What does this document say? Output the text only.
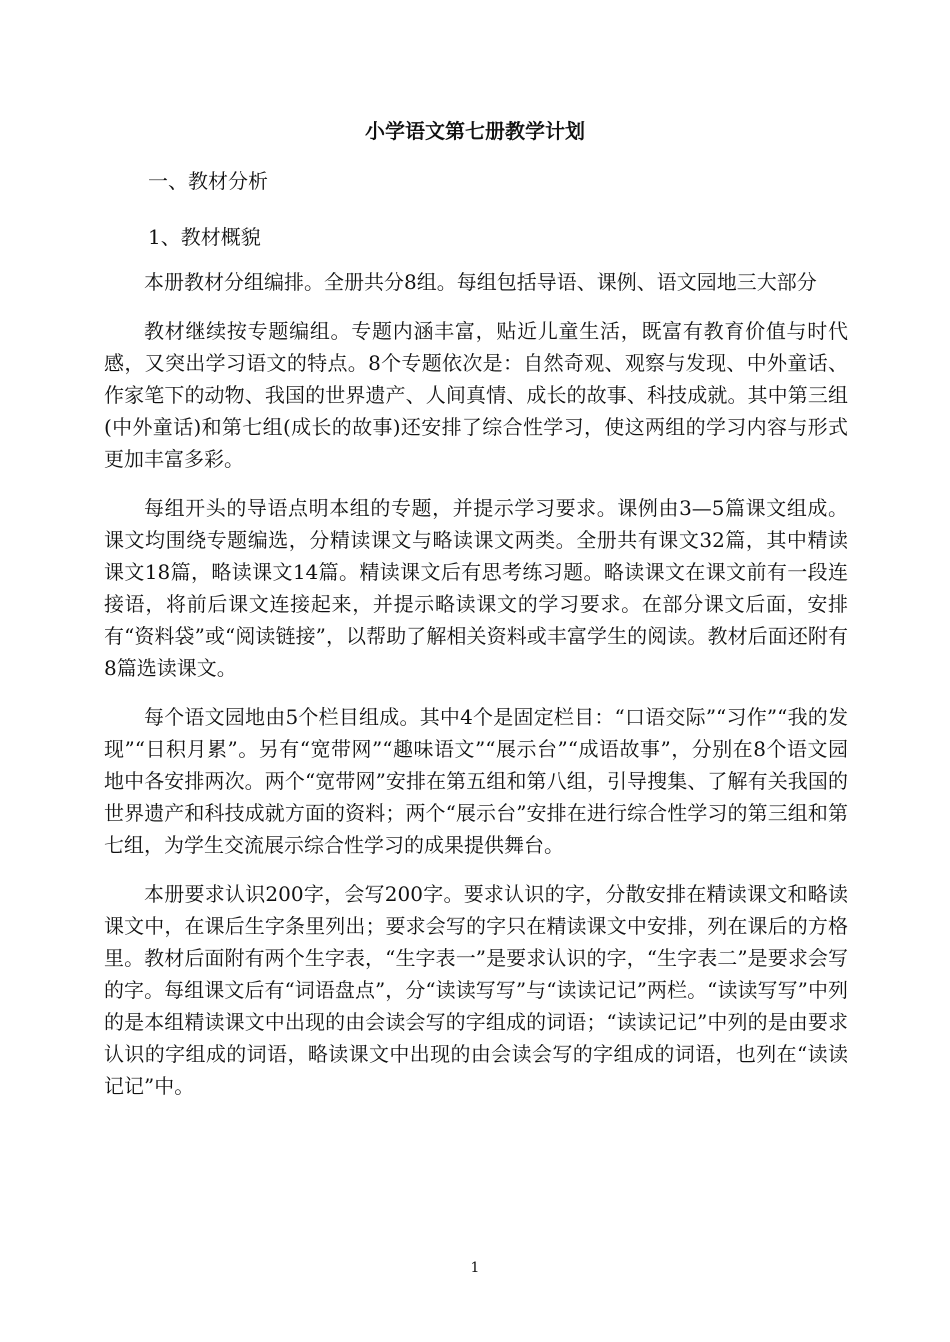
小学语文第七册教学计划

一、教材分析

1、教材概貌

本册教材分组编排。全册共分8组。每组包括导语、课例、语文园地三大部分

教材继续按专题编组。专题内涵丰富，贴近儿童生活，既富有教育价值与时代感，又突出学习语文的特点。8个专题依次是：自然奇观、观察与发现、中外童话、作家笔下的动物、我国的世界遗产、人间真情、成长的故事、科技成就。其中第三组(中外童话)和第七组(成长的故事)还安排了综合性学习，使这两组的学习内容与形式更加丰富多彩。

每组开头的导语点明本组的专题，并提示学习要求。课例由3—5篇课文组成。课文均围绕专题编选，分精读课文与略读课文两类。全册共有课文32篇，其中精读课文18篇，略读课文14篇。精读课文后有思考练习题。略读课文在课文前有一段连接语，将前后课文连接起来，并提示略读课文的学习要求。在部分课文后面，安排有“资料袋”或“阅读链接”，以帮助了解相关资料或丰富学生的阅读。教材后面还附有8篇选读课文。

每个语文园地由5个栏目组成。其中4个是固定栏目：“口语交际”“习作”“我的发现”“日积月累”。另有“宽带网”“趣味语文”“展示台”“成语故事”，分别在8个语文园地中各安排两次。两个“宽带网”安排在第五组和第八组，引导搜集、了解有关我国的世界遗产和科技成就方面的资料；两个“展示台”安排在进行综合性学习的第三组和第七组，为学生交流展示综合性学习的成果提供舞台。

本册要求认识200字，会写200字。要求认识的字，分散安排在精读课文和略读课文中，在课后生字条里列出；要求会写的字只在精读课文中安排，列在课后的方格里。教材后面附有两个生字表，“生字表一”是要求认识的字，“生字表二”是要求会写的字。每组课文后有“词语盘点”，分“读读写写”与“读读记记”两栏。“读读写写”中列的是本组精读课文中出现的由会读会写的字组成的词语；“读读记记”中列的是由要求认识的字组成的词语，略读课文中出现的由会读会写的字组成的词语，也列在“读读记记”中。

1
